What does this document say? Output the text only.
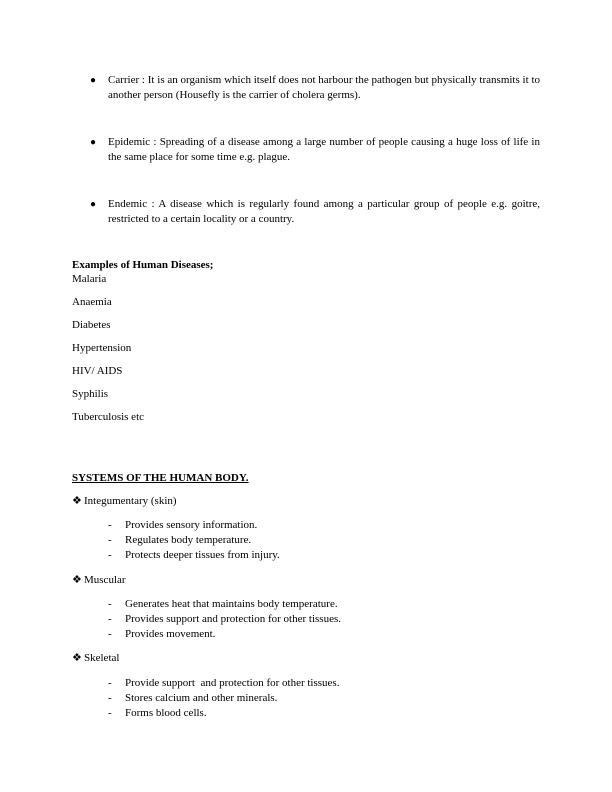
● Carrier : It is an organism which itself does not harbour the pathogen but physically transmits it to another person (Housefly is the carrier of cholera germs).
● Epidemic : Spreading of a disease among a large number of people causing a huge loss of life in the same place for some time e.g. plague.
● Endemic : A disease which is regularly found among a particular group of people e.g. goitre, restricted to a certain locality or a country.
Examples of Human Diseases;
Malaria
Anaemia
Diabetes
Hypertension
HIV/ AIDS
Syphilis
Tuberculosis etc
SYSTEMS OF THE HUMAN BODY.
❖ Integumentary (skin)
- Provides sensory information.
- Regulates body temperature.
- Protects deeper tissues from injury.
❖ Muscular
- Generates heat that maintains body temperature.
- Provides support and protection for other tissues.
- Provides movement.
❖ Skeletal
- Provide support  and protection for other tissues.
- Stores calcium and other minerals.
- Forms blood cells.
